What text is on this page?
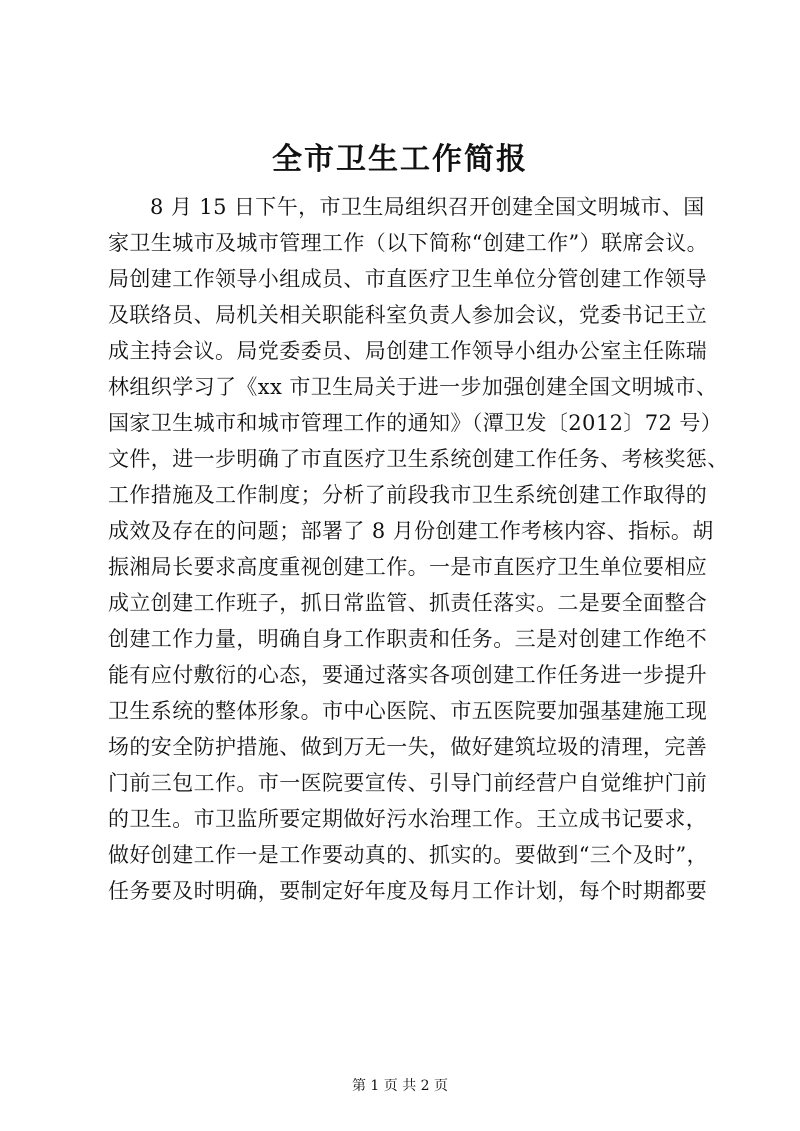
全市卫生工作简报
8 月 15 日下午，市卫生局组织召开创建全国文明城市、国
家卫生城市及城市管理工作（以下简称“创建工作”）联席会议。
局创建工作领导小组成员、市直医疗卫生单位分管创建工作领导
及联络员、局机关相关职能科室负责人参加会议，党委书记王立
成主持会议。局党委委员、局创建工作领导小组办公室主任陈瑞
林组织学习了《xx 市卫生局关于进一步加强创建全国文明城市、
国家卫生城市和城市管理工作的通知》（潭卫发〔2012〕72 号）
文件，进一步明确了市直医疗卫生系统创建工作任务、考核奖惩、
工作措施及工作制度；分析了前段我市卫生系统创建工作取得的
成效及存在的问题；部署了 8 月份创建工作考核内容、指标。胡
振湘局长要求高度重视创建工作。一是市直医疗卫生单位要相应
成立创建工作班子，抓日常监管、抓责任落实。二是要全面整合
创建工作力量，明确自身工作职责和任务。三是对创建工作绝不
能有应付敷衍的心态，要通过落实各项创建工作任务进一步提升
卫生系统的整体形象。市中心医院、市五医院要加强基建施工现
场的安全防护措施、做到万无一失，做好建筑垃圾的清理，完善
门前三包工作。市一医院要宣传、引导门前经营户自觉维护门前
的卫生。市卫监所要定期做好污水治理工作。王立成书记要求，
做好创建工作一是工作要动真的、抓实的。要做到“三个及时”，
任务要及时明确，要制定好年度及每月工作计划，每个时期都要
第 1 页 共 2 页
